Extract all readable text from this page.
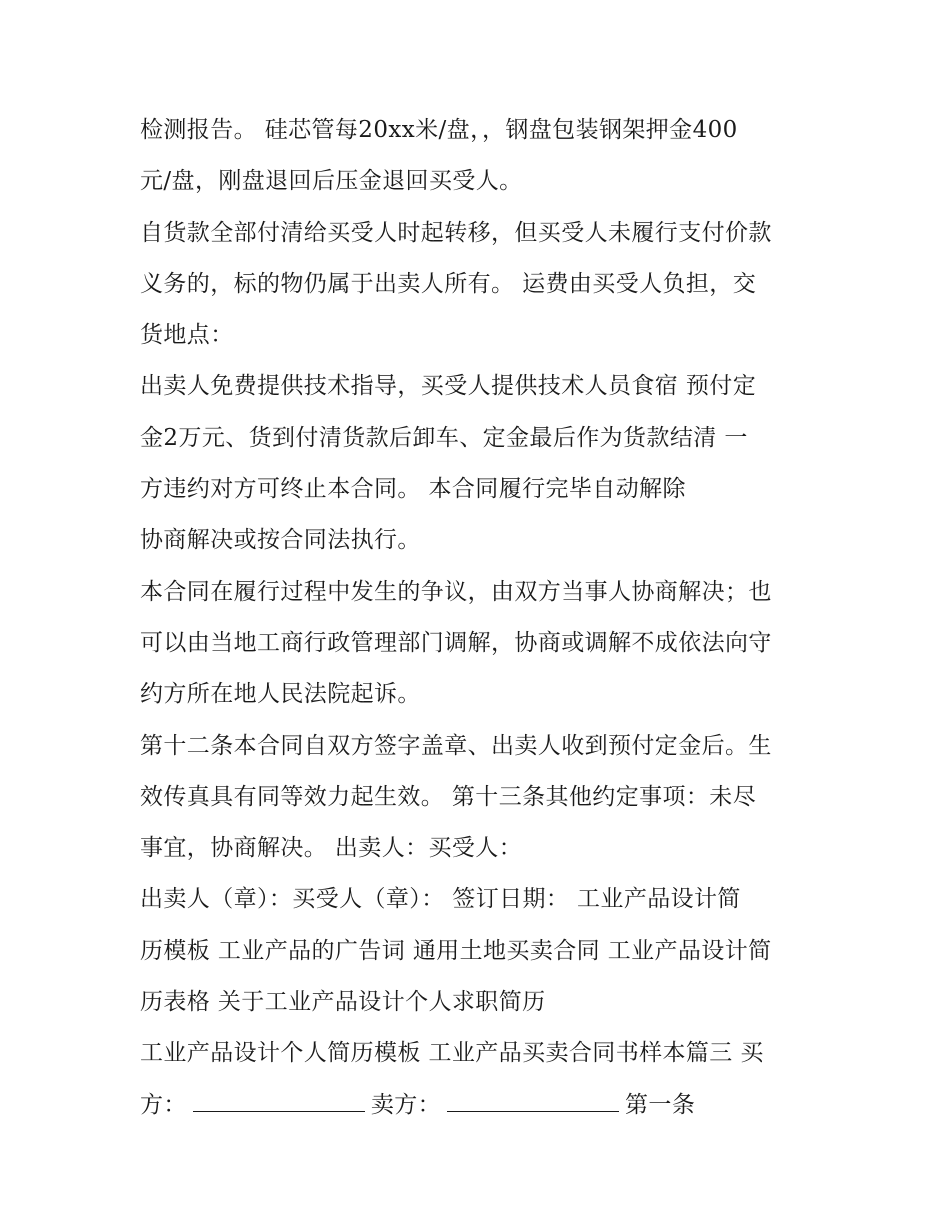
检测报告。 硅芯管每20xx米/盘，，钢盘包装钢架押金400
元/盘，刚盘退回后压金退回买受人。
自货款全部付清给买受人时起转移，但买受人未履行支付价款
义务的，标的物仍属于出卖人所有。 运费由买受人负担，交
货地点：
出卖人免费提供技术指导，买受人提供技术人员食宿 预付定
金2万元、货到付清货款后卸车、定金最后作为货款结清 一
方违约对方可终止本合同。 本合同履行完毕自动解除
协商解决或按合同法执行。
本合同在履行过程中发生的争议，由双方当事人协商解决；也
可以由当地工商行政管理部门调解，协商或调解不成依法向守
约方所在地人民法院起诉。
第十二条本合同自双方签字盖章、出卖人收到预付定金后。生
效传真具有同等效力起生效。 第十三条其他约定事项：未尽
事宜，协商解决。 出卖人：买受人：
出卖人（章）：买受人（章）： 签订日期： 工业产品设计简
历模板 工业产品的广告词 通用土地买卖合同 工业产品设计简
历表格 关于工业产品设计个人求职简历
工业产品设计个人简历模板 工业产品买卖合同书样本篇三 买
方：	卖方：	第一条
